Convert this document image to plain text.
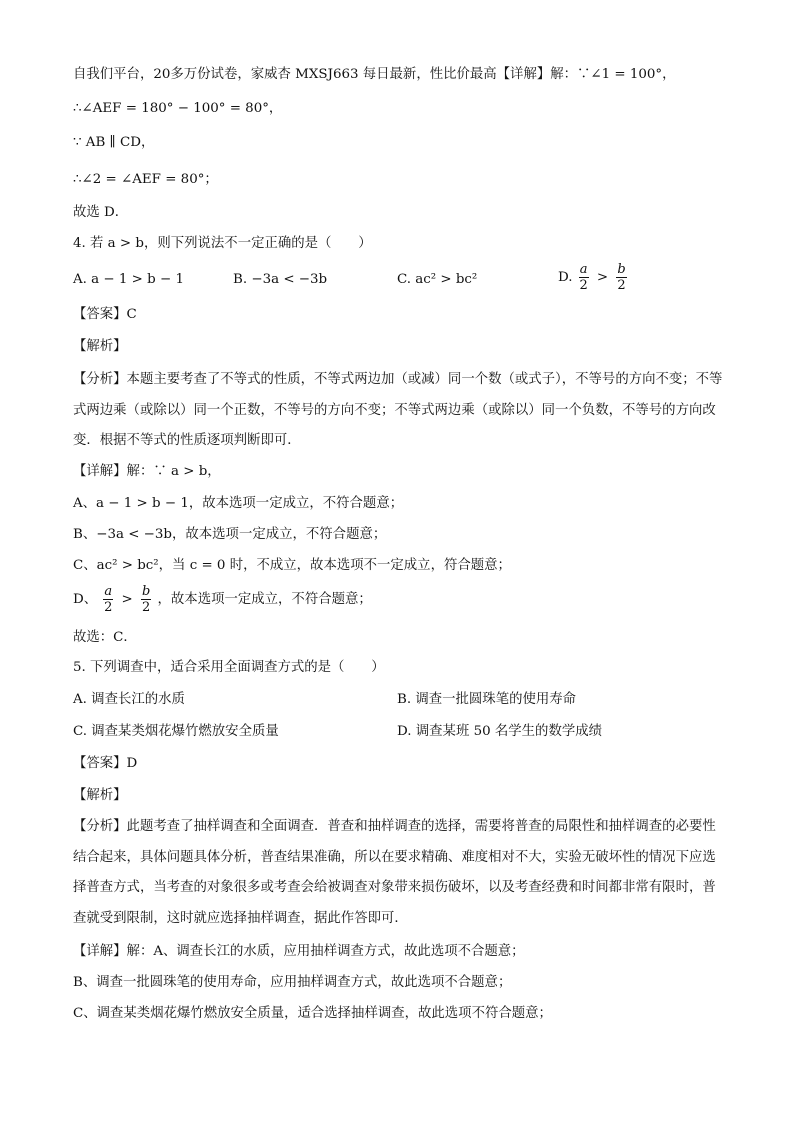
自我们平台，20多万份试卷，家威杏 MXSJ663 每日最新，性比价最高【详解】解：∵∠1 = 100°，
∴∠AEF = 180° − 100° = 80°，
∵ AB ∥ CD，
∴∠2 = ∠AEF = 80°；
故选 D．
4. 若 a > b，则下列说法不一定正确的是（　　）
A. a − 1 > b − 1	B. −3a < −3b	C. ac² > bc²	D. $\frac{a}{2} > \frac{b}{2}$
【答案】C
【解析】
【分析】本题主要考查了不等式的性质，不等式两边加（或减）同一个数（或式子），不等号的方向不变；不等式两边乘（或除以）同一个正数，不等号的方向不变；不等式两边乘（或除以）同一个负数，不等号的方向改变．根据不等式的性质逐项判断即可．
【详解】解：∵ a > b，
A、a − 1 > b − 1，故本选项一定成立，不符合题意；
B、−3a < −3b，故本选项一定成立，不符合题意；
C、ac² > bc²，当 c = 0 时，不成立，故本选项不一定成立，符合题意；
D、 $\frac{a}{2} > \frac{b}{2}$ ，故本选项一定成立，不符合题意；
故选：C．
5. 下列调查中，适合采用全面调查方式的是（　　）
A. 调查长江的水质	B. 调查一批圆珠笔的使用寿命
C. 调查某类烟花爆竹燃放安全质量	D. 调查某班 50 名学生的数学成绩
【答案】D
【解析】
【分析】此题考查了抽样调查和全面调查．普查和抽样调查的选择，需要将普查的局限性和抽样调查的必要性结合起来，具体问题具体分析，普查结果准确，所以在要求精确、难度相对不大，实验无破坏性的情况下应选择普查方式，当考查的对象很多或考查会给被调查对象带来损伤破坏，以及考查经费和时间都非常有限时，普查就受到限制，这时就应选择抽样调查，据此作答即可．
【详解】解：A、调查长江的水质，应用抽样调查方式，故此选项不合题意；
B、调查一批圆珠笔的使用寿命，应用抽样调查方式，故此选项不合题意；
C、调查某类烟花爆竹燃放安全质量，适合选择抽样调查，故此选项不符合题意；
